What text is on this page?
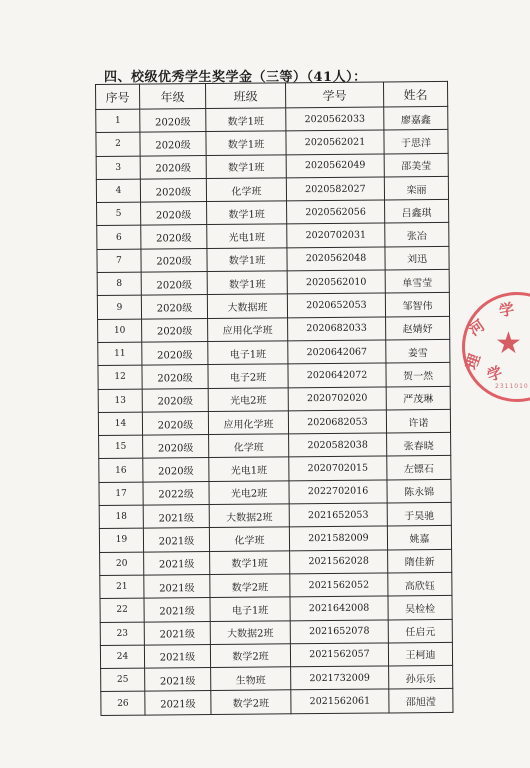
四、校级优秀学生奖学金（三等）（41人）：
序号	年级	班级	学号	姓名
1	2020级	数学1班	2020562033	廖嘉鑫
2	2020级	数学1班	2020562021	于思洋
3	2020级	数学1班	2020562049	邵美莹
4	2020级	化学班	2020582027	栾丽
5	2020级	数学1班	2020562056	吕鑫琪
6	2020级	光电1班	2020702031	张冶
7	2020级	数学1班	2020562048	刘迅
8	2020级	数学1班	2020562010	单雪莹
9	2020级	大数据班	2020652053	邹智伟
10	2020级	应用化学班	2020682033	赵婧妤
11	2020级	电子1班	2020642067	姜雪
12	2020级	电子2班	2020642072	贺一然
13	2020级	光电2班	2020702020	严茂琳
14	2020级	应用化学班	2020682053	许诺
15	2020级	化学班	2020582038	张春晓
16	2020级	光电1班	2020702015	左镖石
17	2022级	光电2班	2022702016	陈永锦
18	2021级	大数据2班	2021652053	于昊驰
19	2021级	化学班	2021582009	姚嘉
20	2021级	数学1班	2021562028	隋佳新
21	2021级	数学2班	2021562052	高欣钰
22	2021级	电子1班	2021642008	吴检检
23	2021级	大数据2班	2021652078	任启元
24	2021级	数学2班	2021562057	王柯迪
25	2021级	生物班	2021732009	孙乐乐
26	2021级	数学2班	2021562061	邵旭滢
河
学
理
学
★
2311010
